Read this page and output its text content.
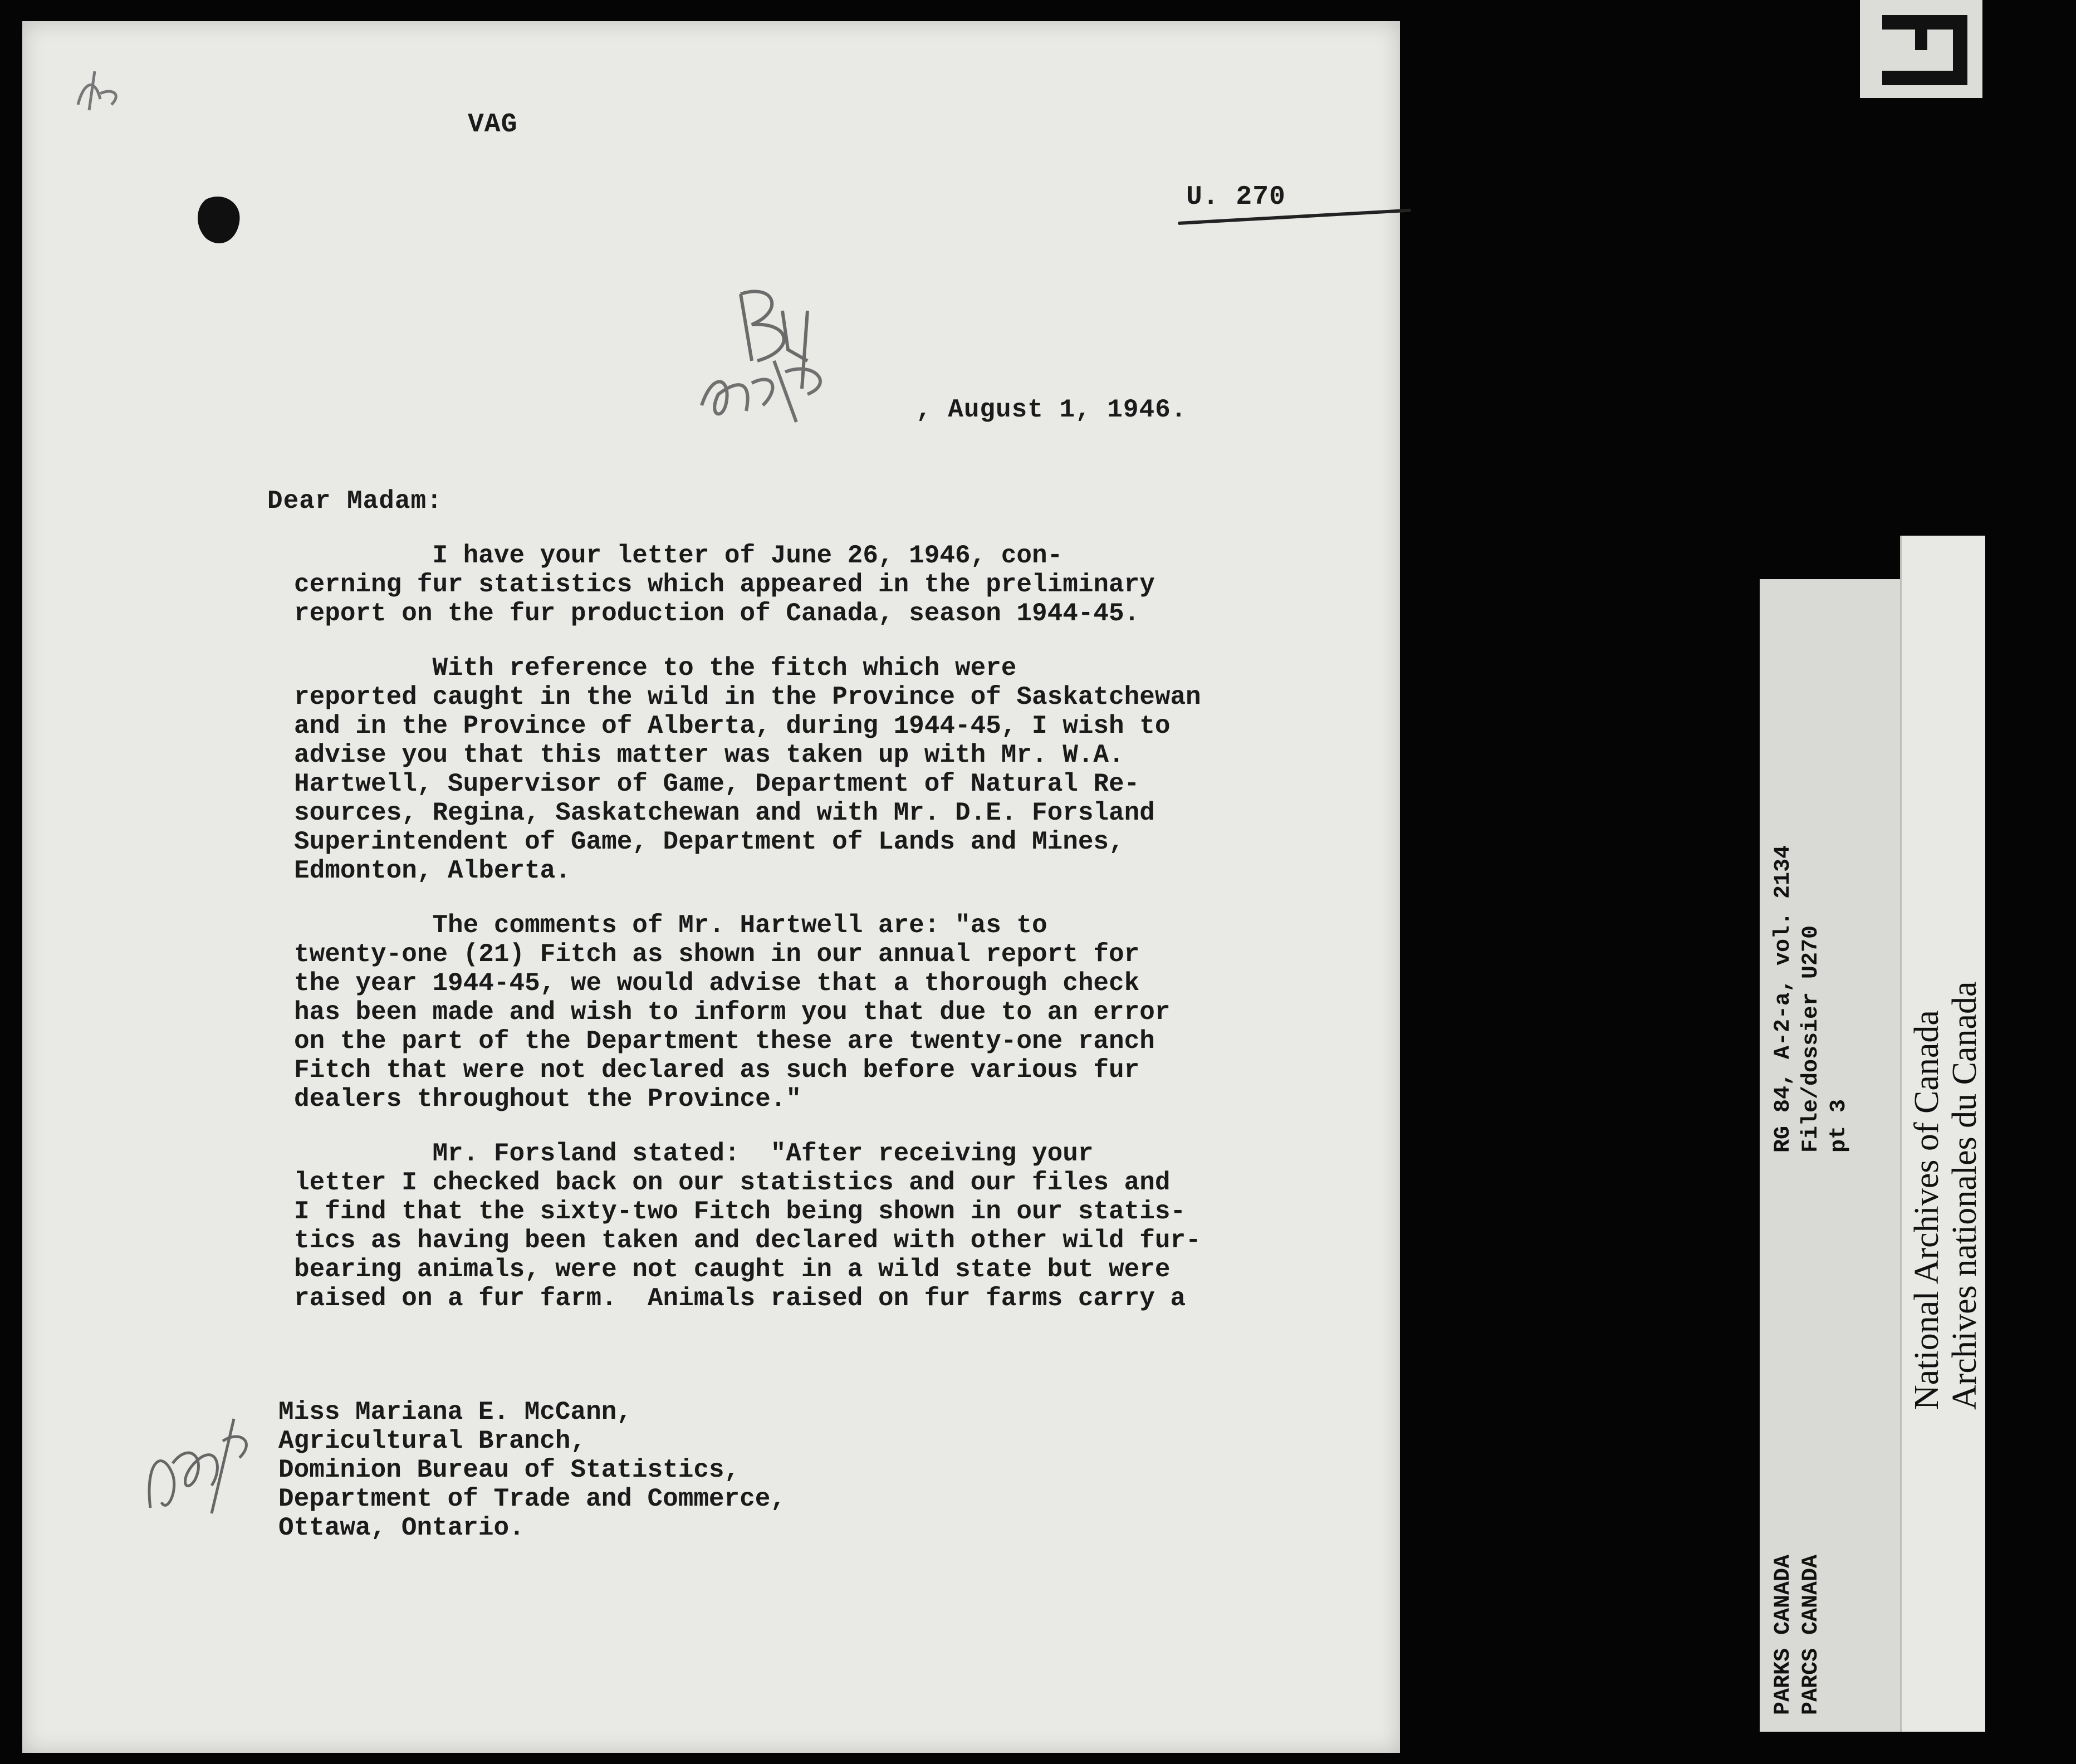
VAG
U. 270
, August 1, 1946.
Dear Madam:
I have your letter of June 26, 1946, con-
cerning fur statistics which appeared in the preliminary
report on the fur production of Canada, season 1944-45.
With reference to the fitch which were
reported caught in the wild in the Province of Saskatchewan
and in the Province of Alberta, during 1944-45, I wish to
advise you that this matter was taken up with Mr. W.A.
Hartwell, Supervisor of Game, Department of Natural Re-
sources, Regina, Saskatchewan and with Mr. D.E. Forsland
Superintendent of Game, Department of Lands and Mines,
Edmonton, Alberta.
The comments of Mr. Hartwell are: "as to
twenty-one (21) Fitch as shown in our annual report for
the year 1944-45, we would advise that a thorough check
has been made and wish to inform you that due to an error
on the part of the Department these are twenty-one ranch
Fitch that were not declared as such before various fur
dealers throughout the Province."
Mr. Forsland stated:  "After receiving your
letter I checked back on our statistics and our files and
I find that the sixty-two Fitch being shown in our statis-
tics as having been taken and declared with other wild fur-
bearing animals, were not caught in a wild state but were
raised on a fur farm.  Animals raised on fur farms carry a
Miss Mariana E. McCann,
Agricultural Branch,
Dominion Bureau of Statistics,
Department of Trade and Commerce,
Ottawa, Ontario.
RG 84, A-2-a, vol. 2134 File/dossier U270 pt 3
PARKS CANADA PARCS CANADA
National Archives of Canada Archives nationales du Canada
